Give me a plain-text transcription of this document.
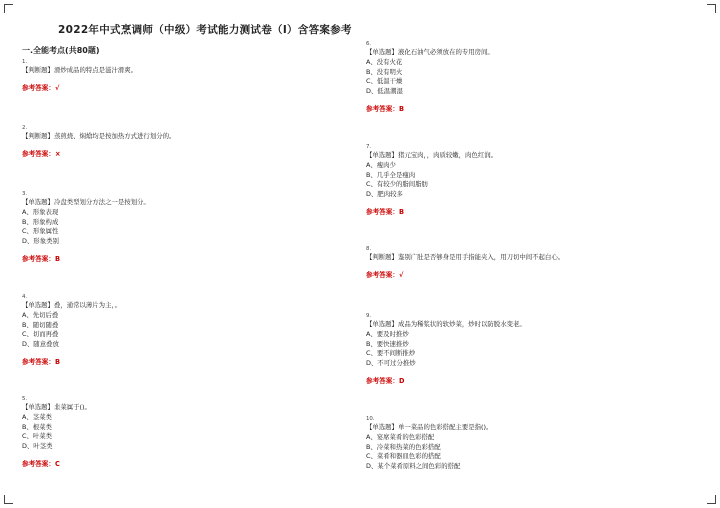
2022年中式烹调师（中级）考试能力测试卷（I）含答案参考
一.全能考点(共80题)
1.
【判断题】滑炒成品的特点是滋汁滑爽。
参考答案：√
2.
【判断题】蒸煎烧、焖熗均是按加热方式进行划分的。
参考答案：×
3.
【单选题】冷盘类型划分方法之一是按划分。
A、形象表现
B、形象构成
C、形象属性
D、形象类别
参考答案：B
4.
【单选题】叠，通常以薄片为主，。
A、先切后叠
B、随切随叠
C、切而再叠
D、随意叠放
参考答案：B
5.
【单选题】韭菜属于()。
A、茎菜类
B、根菜类
C、叶菜类
D、叶茎类
参考答案：C
6.
【单选题】液化石油气必须放在的专用房间。
A、没有火花
B、没有明火
C、低温干燥
D、低温潮湿
参考答案：B
7.
【单选题】猪元宝肉，，肉质较嫩，肉色红润。
A、瘦肉少
B、几乎全是瘦肉
C、有较少的脂间脂肪
D、肥肉较多
参考答案：B
8.
【判断题】鉴别广肚是否够身是用手指能夹入，用刀切中间不起白心。
参考答案：√
9.
【单选题】成品为稀浆状的软炒菜，炒时以防脱水变老。
A、要及时推炒
B、要快速推炒
C、要不间断推炒
D、不可过分推炒
参考答案：D
10.
【单选题】单一菜品的色彩搭配主要是指()。
A、宴席菜肴的色彩搭配
B、冷菜和热菜的色彩搭配
C、菜肴和器皿色彩的搭配
D、某个菜肴原料之间色彩的搭配
